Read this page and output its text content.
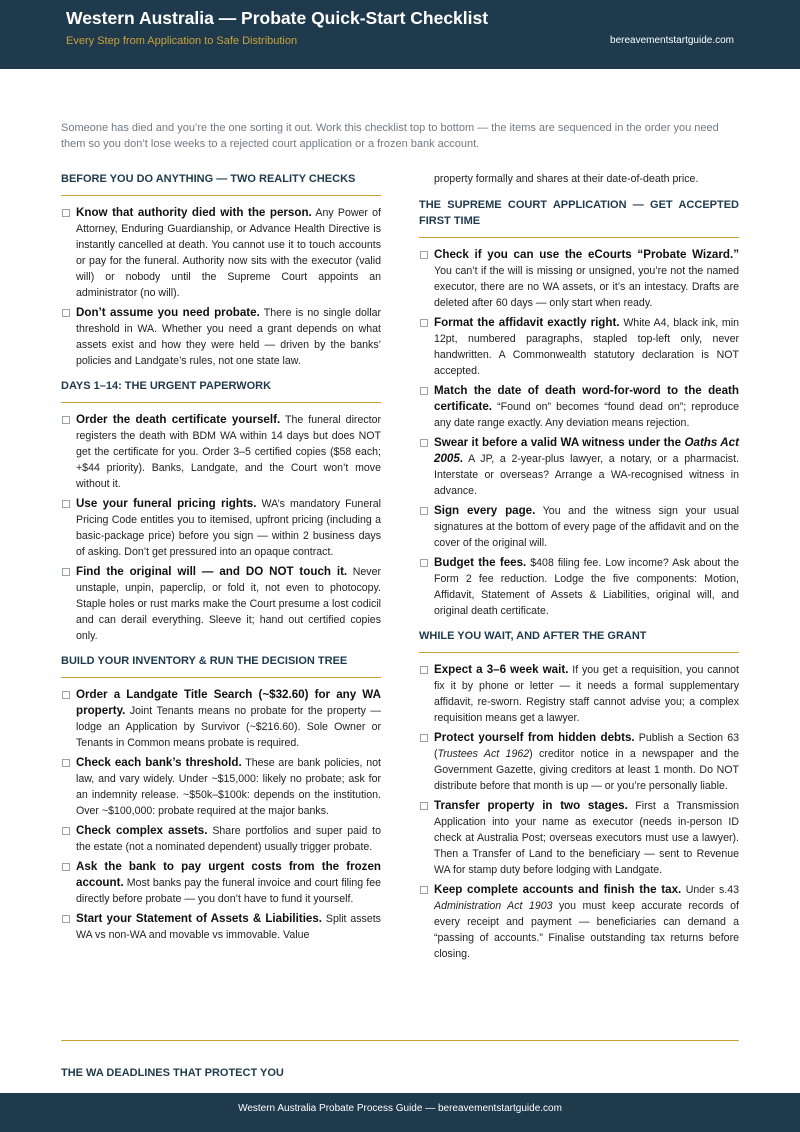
Western Australia — Probate Quick-Start Checklist
Every Step from Application to Safe Distribution	bereavementstartguide.com
Someone has died and you’re the one sorting it out. Work this checklist top to bottom — the items are sequenced in the order you need them so you don’t lose weeks to a rejected court application or a frozen bank account.
BEFORE YOU DO ANYTHING — TWO REALITY CHECKS
Know that authority died with the person. Any Power of Attorney, Enduring Guardianship, or Advance Health Directive is instantly cancelled at death. You cannot use it to touch accounts or pay for the funeral. Authority now sits with the executor (valid will) or nobody until the Supreme Court appoints an administrator (no will).
Don’t assume you need probate. There is no single dollar threshold in WA. Whether you need a grant depends on what assets exist and how they were held — driven by the banks’ policies and Landgate’s rules, not one state law.
DAYS 1–14: THE URGENT PAPERWORK
Order the death certificate yourself. The funeral director registers the death with BDM WA within 14 days but does NOT get the certificate for you. Order 3–5 certified copies ($58 each; +$44 priority). Banks, Landgate, and the Court won’t move without it.
Use your funeral pricing rights. WA’s mandatory Funeral Pricing Code entitles you to itemised, upfront pricing (including a basic-package price) before you sign — within 2 business days of asking. Don’t get pressured into an opaque contract.
Find the original will — and DO NOT touch it. Never unstaple, unpin, paperclip, or fold it, not even to photocopy. Staple holes or rust marks make the Court presume a lost codicil and can derail everything. Sleeve it; hand out certified copies only.
BUILD YOUR INVENTORY & RUN THE DECISION TREE
Order a Landgate Title Search (~$32.60) for any WA property. Joint Tenants means no probate for the property — lodge an Application by Survivor (~$216.60). Sole Owner or Tenants in Common means probate is required.
Check each bank’s threshold. These are bank policies, not law, and vary widely. Under ~$15,000: likely no probate; ask for an indemnity release. ~$50k–$100k: depends on the institution. Over ~$100,000: probate required at the major banks.
Check complex assets. Share portfolios and super paid to the estate (not a nominated dependent) usually trigger probate.
Ask the bank to pay urgent costs from the frozen account. Most banks pay the funeral invoice and court filing fee directly before probate — you don’t have to fund it yourself.
Start your Statement of Assets & Liabilities. Split assets WA vs non-WA and movable vs immovable. Value
property formally and shares at their date-of-death price.
THE SUPREME COURT APPLICATION — GET ACCEPTED FIRST TIME
Check if you can use the eCourts “Probate Wizard.” You can’t if the will is missing or unsigned, you’re not the named executor, there are no WA assets, or it’s an intestacy. Drafts are deleted after 60 days — only start when ready.
Format the affidavit exactly right. White A4, black ink, min 12pt, numbered paragraphs, stapled top-left only, never handwritten. A Commonwealth statutory declaration is NOT accepted.
Match the date of death word-for-word to the death certificate. “Found on” becomes “found dead on”; reproduce any date range exactly. Any deviation means rejection.
Swear it before a valid WA witness under the Oaths Act 2005. A JP, a 2-year-plus lawyer, a notary, or a pharmacist. Interstate or overseas? Arrange a WA-recognised witness in advance.
Sign every page. You and the witness sign your usual signatures at the bottom of every page of the affidavit and on the cover of the original will.
Budget the fees. $408 filing fee. Low income? Ask about the Form 2 fee reduction. Lodge the five components: Motion, Affidavit, Statement of Assets & Liabilities, original will, and original death certificate.
WHILE YOU WAIT, AND AFTER THE GRANT
Expect a 3–6 week wait. If you get a requisition, you cannot fix it by phone or letter — it needs a formal supplementary affidavit, re-sworn. Registry staff cannot advise you; a complex requisition means get a lawyer.
Protect yourself from hidden debts. Publish a Section 63 (Trustees Act 1962) creditor notice in a newspaper and the Government Gazette, giving creditors at least 1 month. Do NOT distribute before that month is up — or you’re personally liable.
Transfer property in two stages. First a Transmission Application into your name as executor (needs in-person ID check at Australia Post; overseas executors must use a lawyer). Then a Transfer of Land to the beneficiary — sent to Revenue WA for stamp duty before lodging with Landgate.
Keep complete accounts and finish the tax. Under s.43 Administration Act 1903 you must keep accurate records of every receipt and payment — beneficiaries can demand a “passing of accounts.” Finalise outstanding tax returns before closing.
THE WA DEADLINES THAT PROTECT YOU
Western Australia Probate Process Guide — bereavementstartguide.com
